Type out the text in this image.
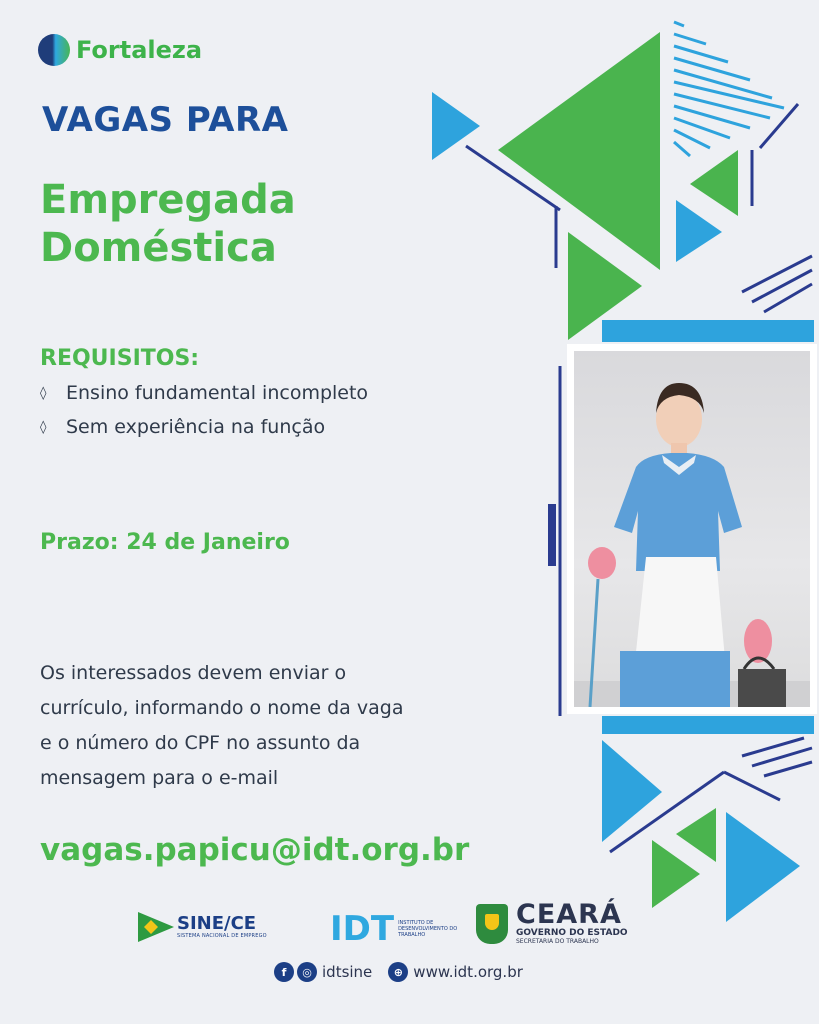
Fortaleza
VAGAS PARA
Empregada
Doméstica
REQUISITOS:
◊	Ensino fundamental incompleto
◊	Sem experiência na função
Prazo: 24 de Janeiro
Os interessados devem enviar o currículo, informando o nome da vaga e o número do CPF no assunto da mensagem para o e-mail
vagas.papicu@idt.org.br
SINE/CE
SISTEMA NACIONAL DE EMPREGO IDT INSTITUTO DE DESENVOLVIMENTO DO TRABALHO
CEARÁ
GOVERNO DO ESTADO
SECRETARIA DO TRABALHO
f	◎ idtsine	⊕ www.idt.org.br
